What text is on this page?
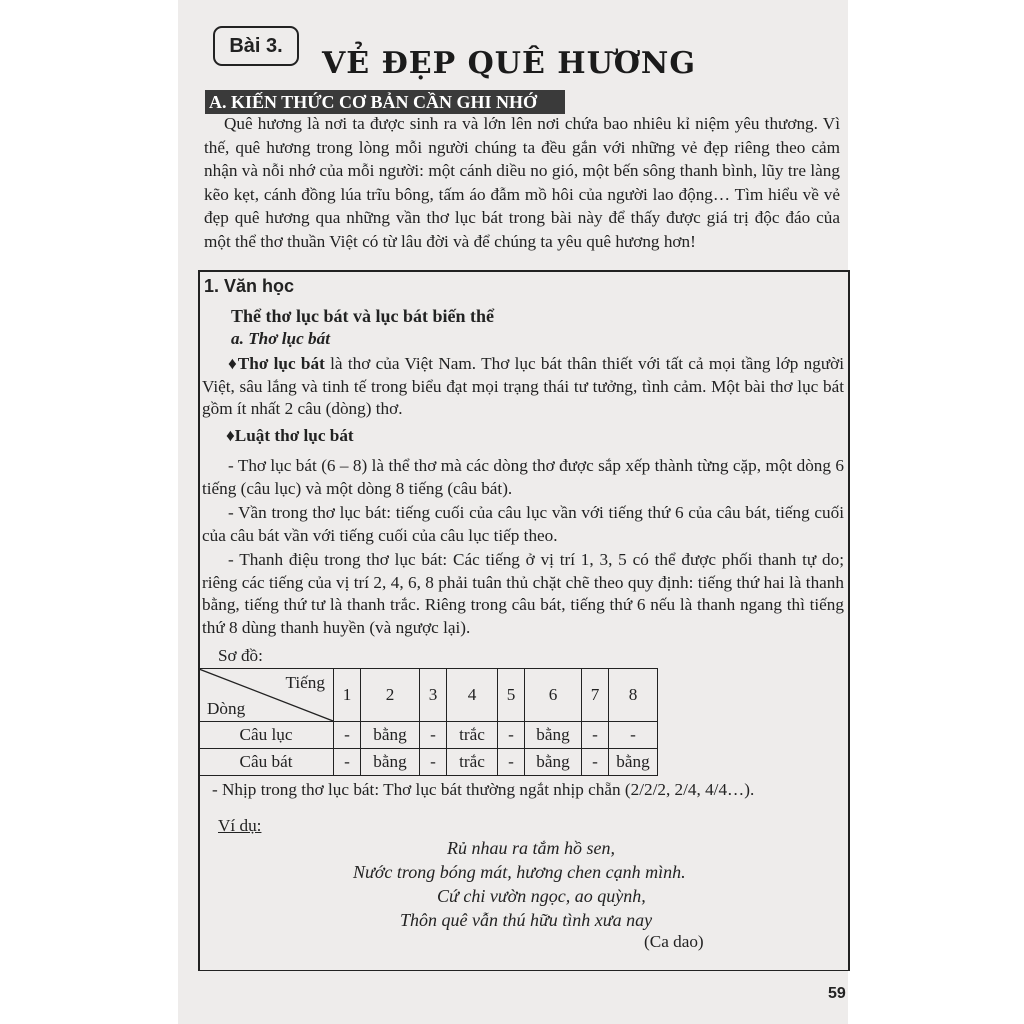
Bài 3.
VẺ ĐẸP QUÊ HƯƠNG
A. KIẾN THỨC CƠ BẢN CẦN GHI NHỚ

Quê hương là nơi ta được sinh ra và lớn lên nơi chứa bao nhiêu kỉ niệm yêu thương. Vì thế, quê hương trong lòng mỗi người chúng ta đều gắn với những vẻ đẹp riêng theo cảm nhận và nỗi nhớ của mỗi người: một cánh diều no gió, một bến sông thanh bình, lũy tre làng kẽo kẹt, cánh đồng lúa trĩu bông, tấm áo đẫm mồ hôi của người lao động… Tìm hiểu về vẻ đẹp quê hương qua những vần thơ lục bát trong bài này để thấy được giá trị độc đáo của một thể thơ thuần Việt có từ lâu đời và để chúng ta yêu quê hương hơn!

1. Văn học
Thể thơ lục bát và lục bát biến thể
a. Thơ lục bát

♦Thơ lục bát là thơ của Việt Nam. Thơ lục bát thân thiết với tất cả mọi tầng lớp người Việt, sâu lắng và tinh tế trong biểu đạt mọi trạng thái tư tưởng, tình cảm. Một bài thơ lục bát gồm ít nhất 2 câu (dòng) thơ.

♦Luật thơ lục bát

- Thơ lục bát (6 – 8) là thể thơ mà các dòng thơ được sắp xếp thành từng cặp, một dòng 6 tiếng (câu lục) và một dòng 8 tiếng (câu bát).

- Vần trong thơ lục bát: tiếng cuối của câu lục vần với tiếng thứ 6 của câu bát, tiếng cuối của câu bát vần với tiếng cuối của câu lục tiếp theo.

- Thanh điệu trong thơ lục bát: Các tiếng ở vị trí 1, 3, 5 có thể được phối thanh tự do; riêng các tiếng của vị trí 2, 4, 6, 8 phải tuân thủ chặt chẽ theo quy định: tiếng thứ hai là thanh bằng, tiếng thứ tư là thanh trắc. Riêng trong câu bát, tiếng thứ 6 nếu là thanh ngang thì tiếng thứ 8 dùng thanh huyền (và ngược lại).

Sơ đồ:
Tiếng
Dòng	1	2	3	4	5	6	7	8
Câu lục	-	bằng	-	trắc	-	bằng	-	-
Câu bát	-	bằng	-	trắc	-	bằng	-	bằng
- Nhịp trong thơ lục bát: Thơ lục bát thường ngắt nhịp chẵn (2/2/2, 2/4, 4/4…).
Ví dụ:
Rủ nhau ra tắm hồ sen,
Nước trong bóng mát, hương chen cạnh mình.
Cứ chi vườn ngọc, ao quỳnh,
Thôn quê vẫn thú hữu tình xưa nay
(Ca dao)
59
